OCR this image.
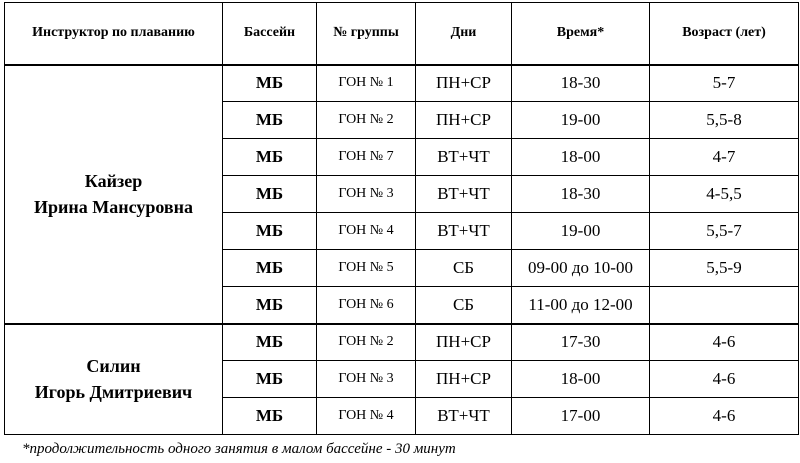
Инструктор по плаванию	Бассейн	№ группы	Дни	Время*	Возраст (лет)

Кайзер
Ирина Мансуровна	МБ	ГОН № 1	ПН+СР	18-30	5-7
	МБ	ГОН № 2	ПН+СР	19-00	5,5-8
	МБ	ГОН № 7	ВТ+ЧТ	18-00	4-7
	МБ	ГОН № 3	ВТ+ЧТ	18-30	4-5,5
	МБ	ГОН № 4	ВТ+ЧТ	19-00	5,5-7
	МБ	ГОН № 5	СБ	09-00 до 10-00	5,5-9
	МБ	ГОН № 6	СБ	11-00 до 12-00	

Силин
Игорь Дмитриевич	МБ	ГОН № 2	ПН+СР	17-30	4-6
	МБ	ГОН № 3	ПН+СР	18-00	4-6
	МБ	ГОН № 4	ВТ+ЧТ	17-00	4-6
*продолжительность одного занятия в малом бассейне - 30 минут
